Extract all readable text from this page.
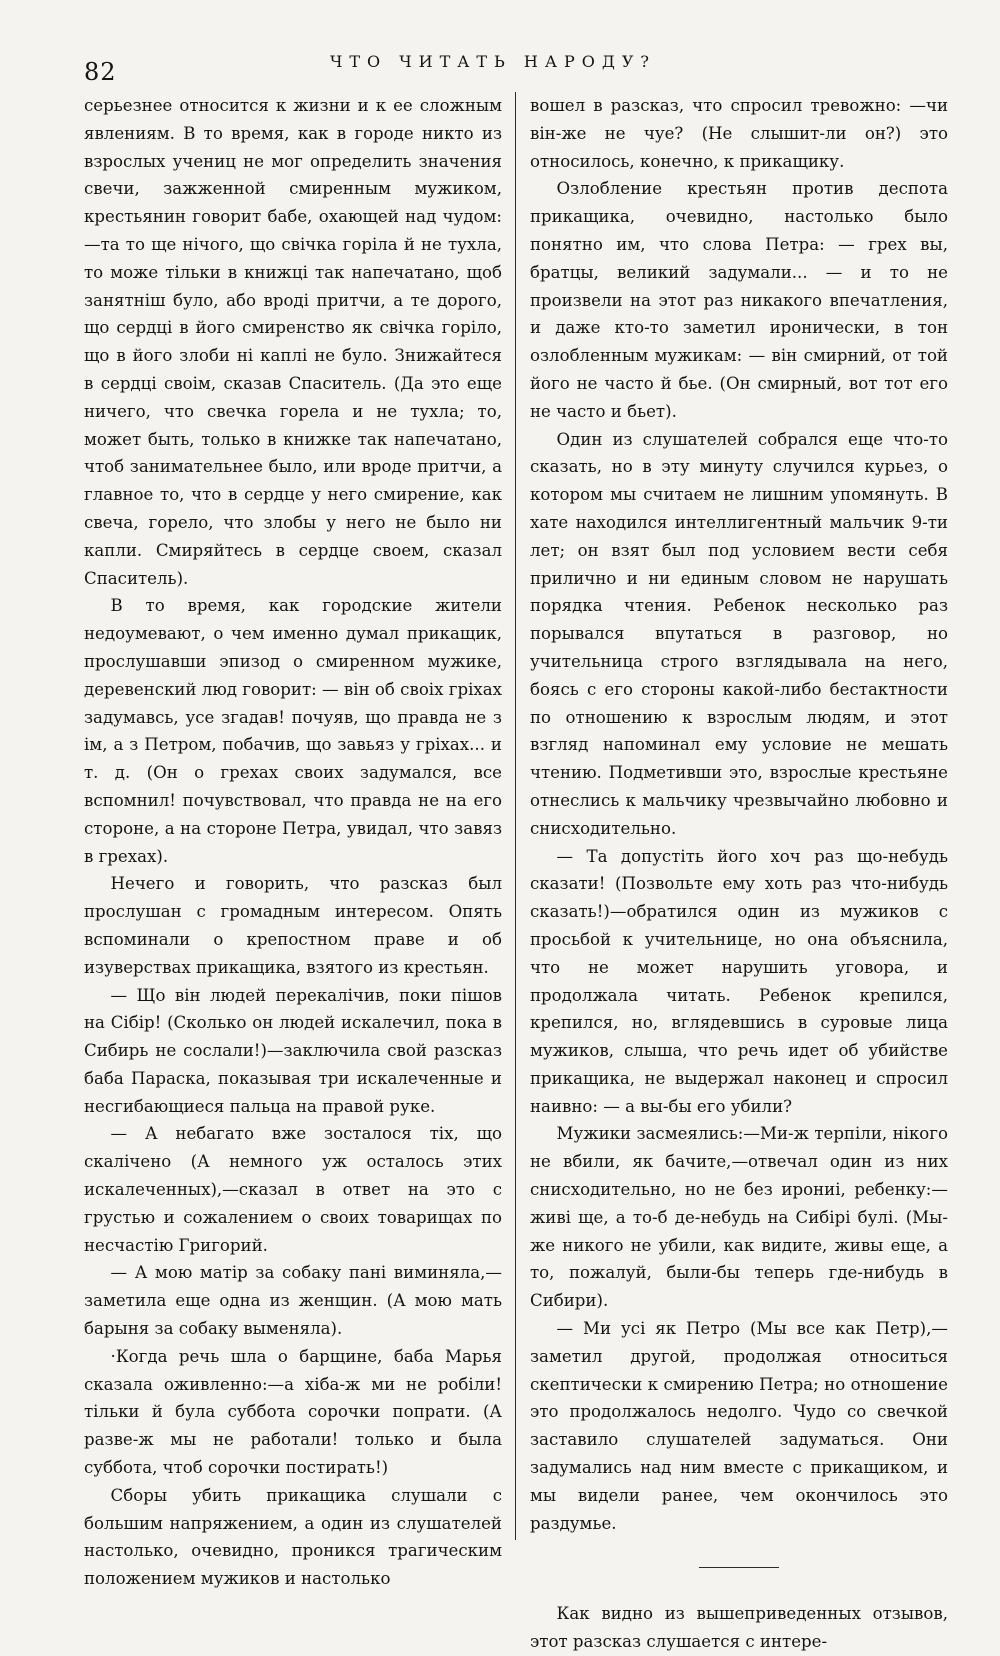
82	ЧТО ЧИТАТЬ НАРОДУ?

серьезнее относится к жизни и к ее сложным явлениям. В то время, как в городе никто из взрослых учениц не мог определить значения свечи, зажженной смиренным мужиком, крестьянин говорит бабе, охающей над чудом:—та то ще нiчого, що свiчка горiла й не тухла, то може тiльки в книжцi так напечатано, щоб занятнiш було, або вродi притчи, а те дорого, що сердцi в його смиренство як свiчка горiло, що в його злоби нi каплi не було. Знижайтеся в сердцi своiм, сказав Спаситель. (Да это еще ничего, что свечка горела и не тухла; то, может быть, только в книжке так напечатано, чтоб занимательнее было, или вроде притчи, а главное то, что в сердце у него смирение, как свеча, горело, что злобы у него не было ни капли. Смиряйтесь в сердце своем, сказал Спаситель).

В то время, как городские жители недоумевают, о чем именно думал прикащик, прослушавши эпизод о смиренном мужике, деревенский люд говорит: — вiн об своiх грiхах задумавсь, усе згадав! почуяв, що правда не з iм, а з Петром, побачив, що завьяз у грiхах... и т. д. (Он о грехах своих задумался, все вспомнил! почувствовал, что правда не на его стороне, а на стороне Петра, увидал, что завяз в грехах).

Нечего и говорить, что разсказ был прослушан с громадным интересом. Опять вспоминали о крепостном праве и об изуверствах прикащика, взятого из крестьян.

— Що вiн людей перекалiчив, поки пiшов на Сiбiр! (Сколько он людей искалечил, пока в Сибирь не сослали!)—заключила свой разсказ баба Параска, показывая три искалеченные и несгибающиеся пальца на правой руке.

— А небагато вже зосталося тiх, що скалiчено (А немного уж осталось этих искалеченных),—сказал в ответ на это с грустью и сожалением о своих товарищах по несчастiю Григорий.

— А мою матiр за собаку панi виминяла,— заметила еще одна из женщин. (А мою мать барыня за собаку выменяла).

·Когда речь шла о барщине, баба Марья сказала оживленно:—а хiба-ж ми не робiли! тiльки й була суббота сорочки попрати. (А разве-ж мы не работали! только и была суббота, чтоб сорочки постирать!)

Сборы убить прикащика слушали с большим напряжением, а один из слушателей настолько, очевидно, проникся трагическим положением мужиков и настолько

вошел в разсказ, что спросил тревожно: —чи вiн-же не чуе? (Не слышит-ли он?) это относилось, конечно, к прикащику.

Озлобление крестьян против деспота прикащика, очевидно, настолько было понятно им, что слова Петра: — грех вы, братцы, великий задумали... — и то не произвели на этот раз никакого впечатления, и даже кто-то заметил иронически, в тон озлобленным мужикам: — вiн смирний, от той його не часто й бье. (Он смирный, вот тот его не часто и бьет).

Один из слушателей собрался еще что-то сказать, но в эту минуту случился курьез, о котором мы считаем не лишним упомянуть. В хате находился интеллигентный мальчик 9-ти лет; он взят был под условием вести себя прилично и ни единым словом не нарушать порядка чтения. Ребенок несколько раз порывался впутаться в разговор, но учительница строго взглядывала на него, боясь с его стороны какой-либо бестактности по отношению к взрослым людям, и этот взгляд напоминал ему условие не мешать чтению. Подметивши это, взрослые крестьяне отнеслись к мальчику чрезвычайно любовно и снисходительно.

— Та допустiть його хоч раз що-небудь сказати! (Позвольте ему хоть раз что-нибудь сказать!)—обратился один из мужиков с просьбой к учительнице, но она объяснила, что не может нарушить уговора, и продолжала читать. Ребенок крепился, крепился, но, вглядевшись в суровые лица мужиков, слыша, что речь идет об убийстве прикащика, не выдержал наконец и спросил наивно: — а вы-бы его убили?

Мужики засмеялись:—Ми-ж терпiли, нiкого не вбили, як бачите,—отвечал один из них снисходительно, но не без ирониi, ребенку:—живi ще, а то-б де-небудь на Сибiрi булi. (Мы-же никого не убили, как видите, живы еще, а то, пожалуй, были-бы теперь где-нибудь в Сибири).

— Ми усi як Петро (Мы все как Петр),— заметил другой, продолжая относиться скептически к смирению Петра; но отношение это продолжалось недолго. Чудо со свечкой заставило слушателей задуматься. Они задумались над ним вместе с прикащиком, и мы видели ранее, чем окончилось это раздумье.

Как видно из вышеприведенных отзывов, этот разсказ слушается с интере-
